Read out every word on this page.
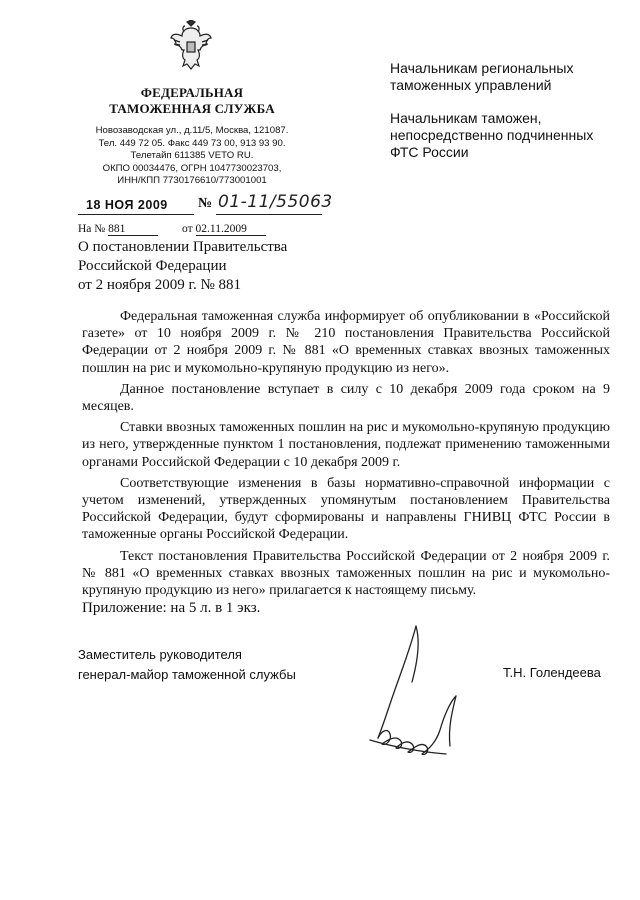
ФЕДЕРАЛЬНАЯ
ТАМОЖЕННАЯ СЛУЖБА
Новозаводская ул., д.11/5, Москва, 121087.
Тел. 449 72 05. Факс 449 73 00, 913 93 90.
Телетайп 611385 VETO RU.
ОКПО 00034476, ОГРН 1047730023703,
ИНН/КПП 7730176610/773001001
Начальникам региональных
таможенных управлений
Начальникам таможен,
непосредственно подчиненных
ФТС России
18 НОЯ 2009 № 01-11/55063
На № 881	от 02.11.2009
О постановлении Правительства
Российской Федерации
от 2 ноября 2009 г. № 881

Федеральная таможенная служба информирует об опубликовании в «Российской газете» от 10 ноября 2009 г. № 210 постановления Правительства Российской Федерации от 2 ноября 2009 г. № 881 «О временных ставках ввозных таможенных пошлин на рис и мукомольно-крупяную продукцию из него».

Данное постановление вступает в силу с 10 декабря 2009 года сроком на 9 месяцев.

Ставки ввозных таможенных пошлин на рис и мукомольно-крупяную продукцию из него, утвержденные пунктом 1 постановления, подлежат применению таможенными органами Российской Федерации с 10 декабря 2009 г.

Соответствующие изменения в базы нормативно-справочной информации с учетом изменений, утвержденных упомянутым постановлением Правительства Российской Федерации, будут сформированы и направлены ГНИВЦ ФТС России в таможенные органы Российской Федерации.

Текст постановления Правительства Российской Федерации от 2 ноября 2009 г. № 881 «О временных ставках ввозных таможенных пошлин на рис и мукомольно-крупяную продукцию из него» прилагается к настоящему письму.

Приложение: на 5 л. в 1 экз.
Заместитель руководителя
генерал-майор таможенной службы	Т.Н. Голендеева
